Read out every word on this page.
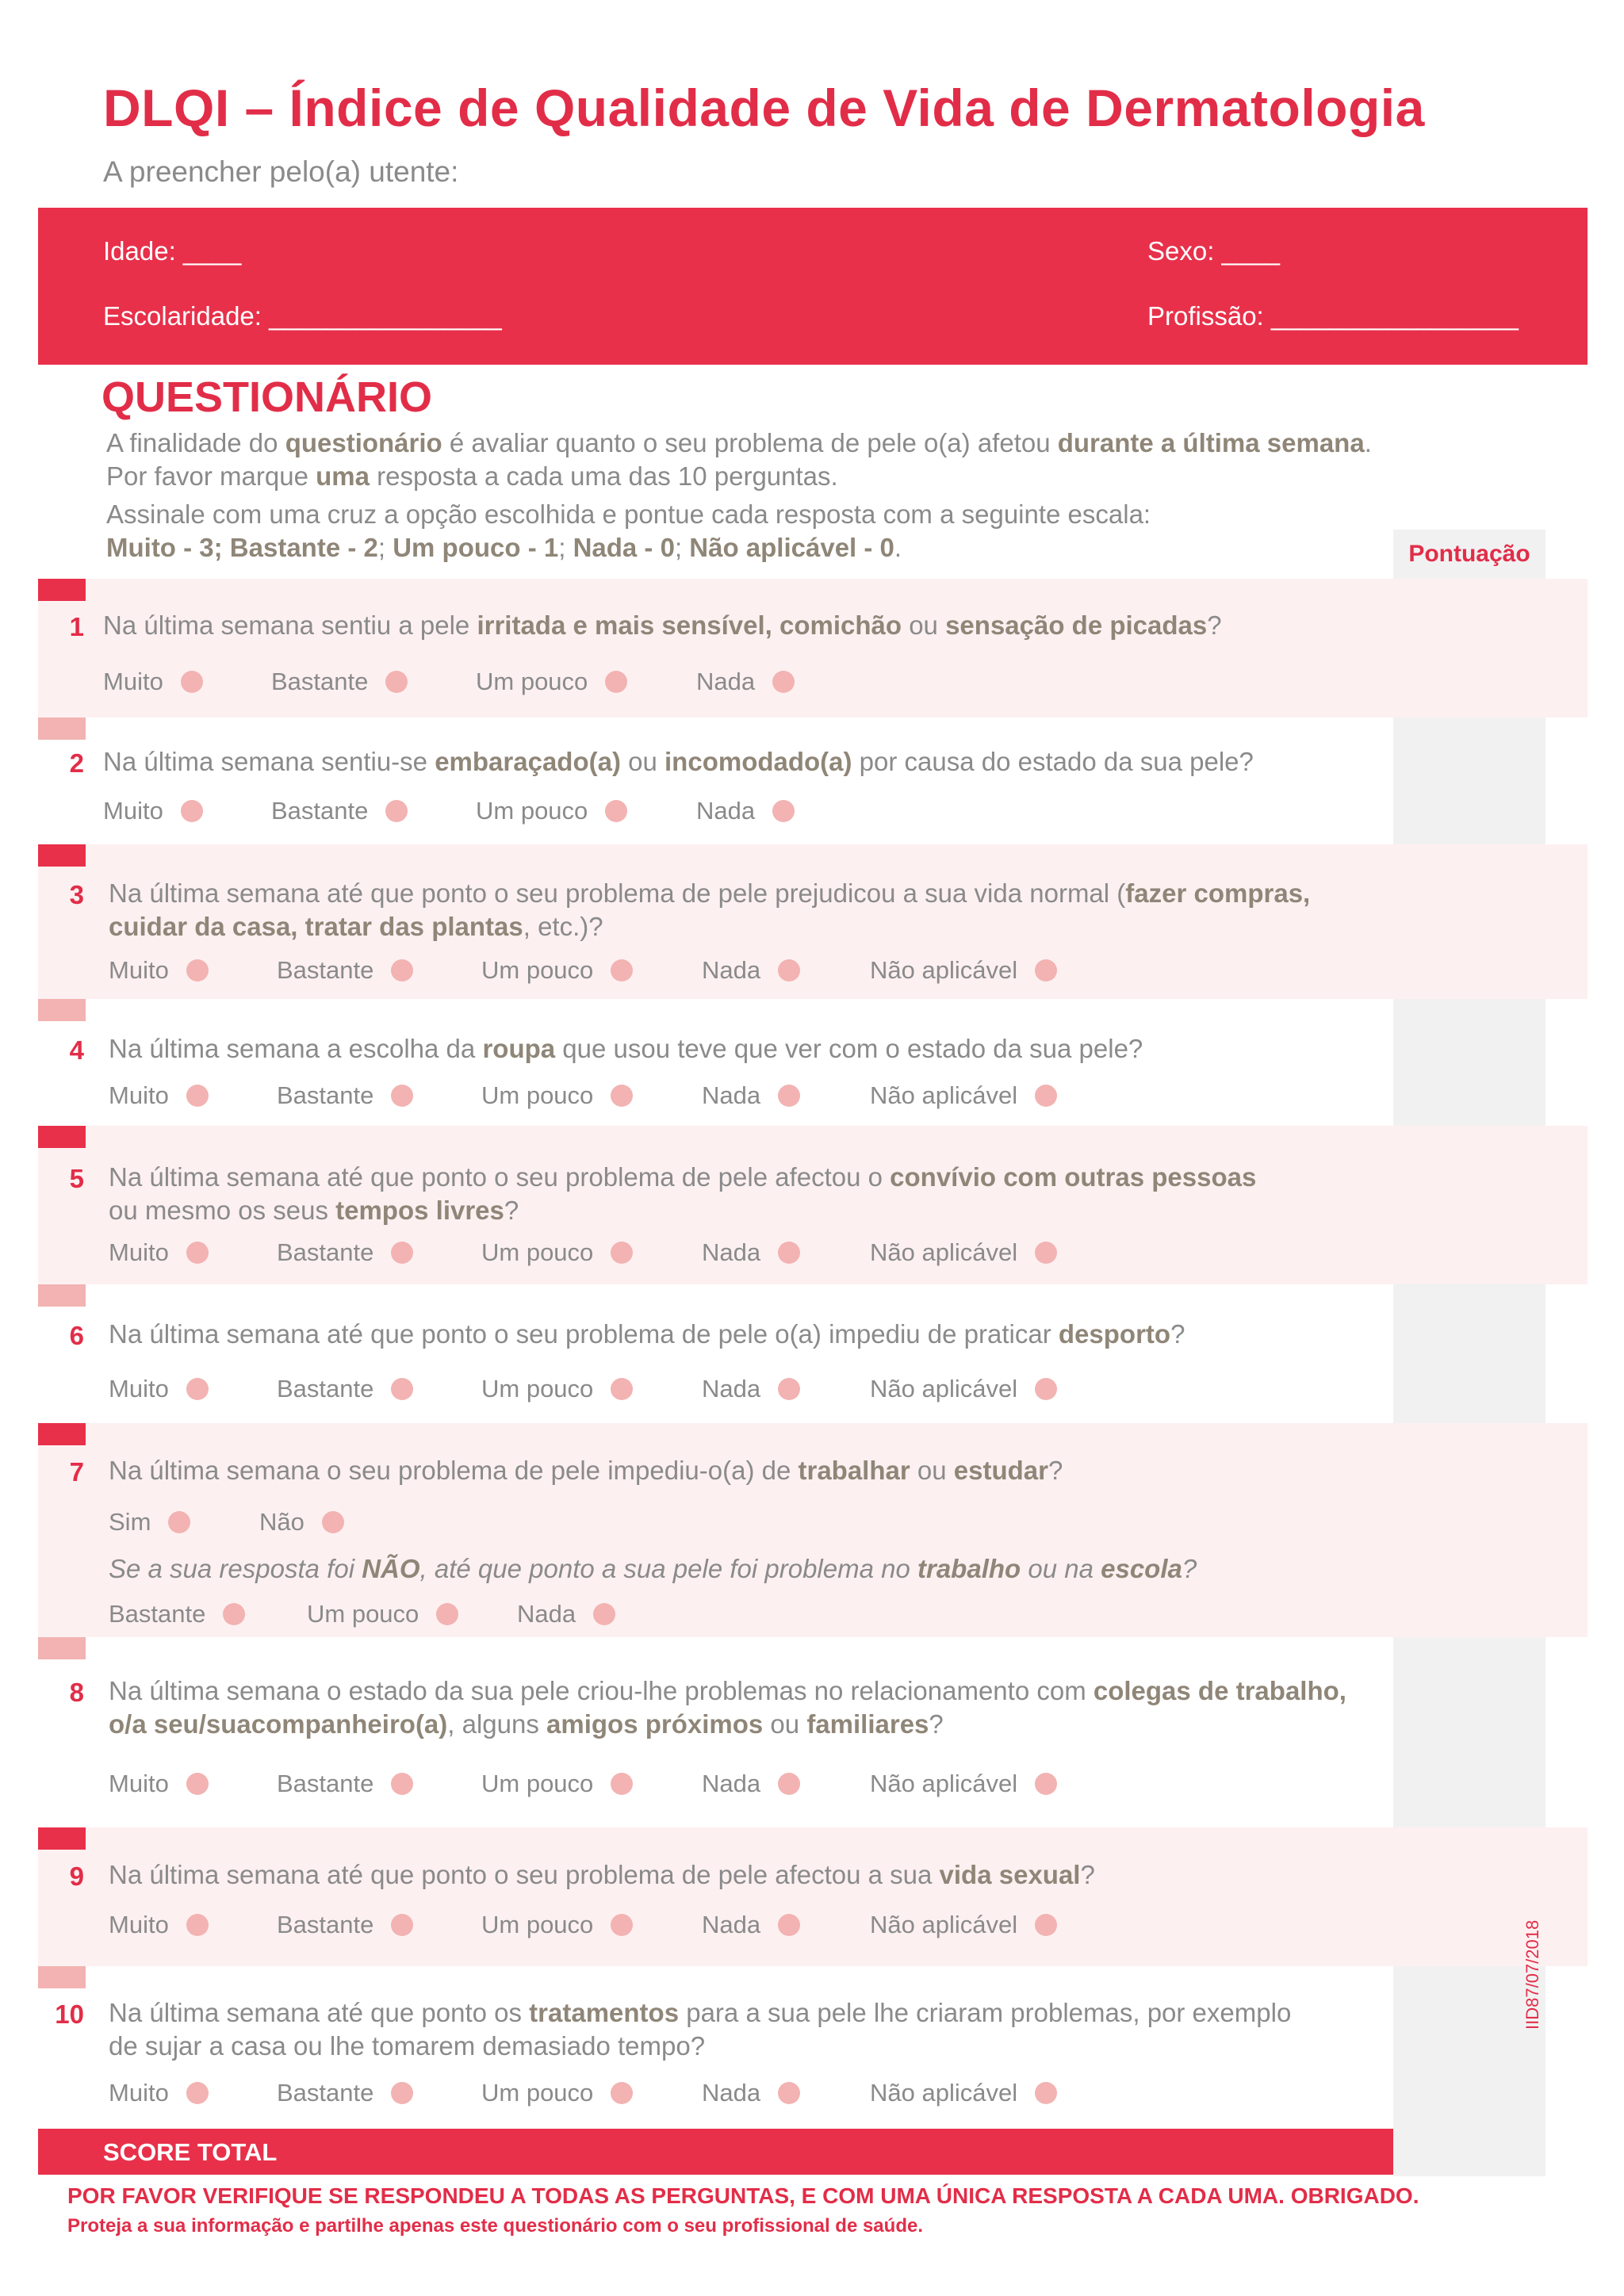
DLQI – Índice de Qualidade de Vida de Dermatologia
A preencher pelo(a) utente:
Idade: ____	Sexo: ____
Escolaridade: ________________	Profissão: _________________
QUESTIONÁRIO
A finalidade do questionário é avaliar quanto o seu problema de pele o(a) afetou durante a última semana.
Por favor marque uma resposta a cada uma das 10 perguntas.
Assinale com uma cruz a opção escolhida e pontue cada resposta com a seguinte escala:
Muito - 3; Bastante - 2; Um pouco - 1; Nada - 0; Não aplicável - 0.	Pontuação
1 Na última semana sentiu a pele irritada e mais sensível, comichão ou sensação de picadas?
Muito	Bastante	Um pouco	Nada
2 Na última semana sentiu-se embaraçado(a) ou incomodado(a) por causa do estado da sua pele?
Muito	Bastante	Um pouco	Nada
3 Na última semana até que ponto o seu problema de pele prejudicou a sua vida normal (fazer compras,
cuidar da casa, tratar das plantas, etc.)?
Muito	Bastante	Um pouco	Nada	Não aplicável
4 Na última semana a escolha da roupa que usou teve que ver com o estado da sua pele?
Muito	Bastante	Um pouco	Nada	Não aplicável
5 Na última semana até que ponto o seu problema de pele afectou o convívio com outras pessoas
ou mesmo os seus tempos livres?
Muito	Bastante	Um pouco	Nada	Não aplicável
6 Na última semana até que ponto o seu problema de pele o(a) impediu de praticar desporto?
Muito	Bastante	Um pouco	Nada	Não aplicável
7 Na última semana o seu problema de pele impediu-o(a) de trabalhar ou estudar?
Sim	Não
Se a sua resposta foi NÃO, até que ponto a sua pele foi problema no trabalho ou na escola?
Bastante	Um pouco	Nada
8 Na última semana o estado da sua pele criou-lhe problemas no relacionamento com colegas de trabalho,
o/a seu/suacompanheiro(a), alguns amigos próximos ou familiares?
Muito	Bastante	Um pouco	Nada	Não aplicável
9 Na última semana até que ponto o seu problema de pele afectou a sua vida sexual?
Muito	Bastante	Um pouco	Nada	Não aplicável
10 Na última semana até que ponto os tratamentos para a sua pele lhe criaram problemas, por exemplo
de sujar a casa ou lhe tomarem demasiado tempo?
Muito	Bastante	Um pouco	Nada	Não aplicável
SCORE TOTAL
POR FAVOR VERIFIQUE SE RESPONDEU A TODAS AS PERGUNTAS, E COM UMA ÚNICA RESPOSTA A CADA UMA. OBRIGADO.
Proteja a sua informação e partilhe apenas este questionário com o seu profissional de saúde.
IID87/07/2018
